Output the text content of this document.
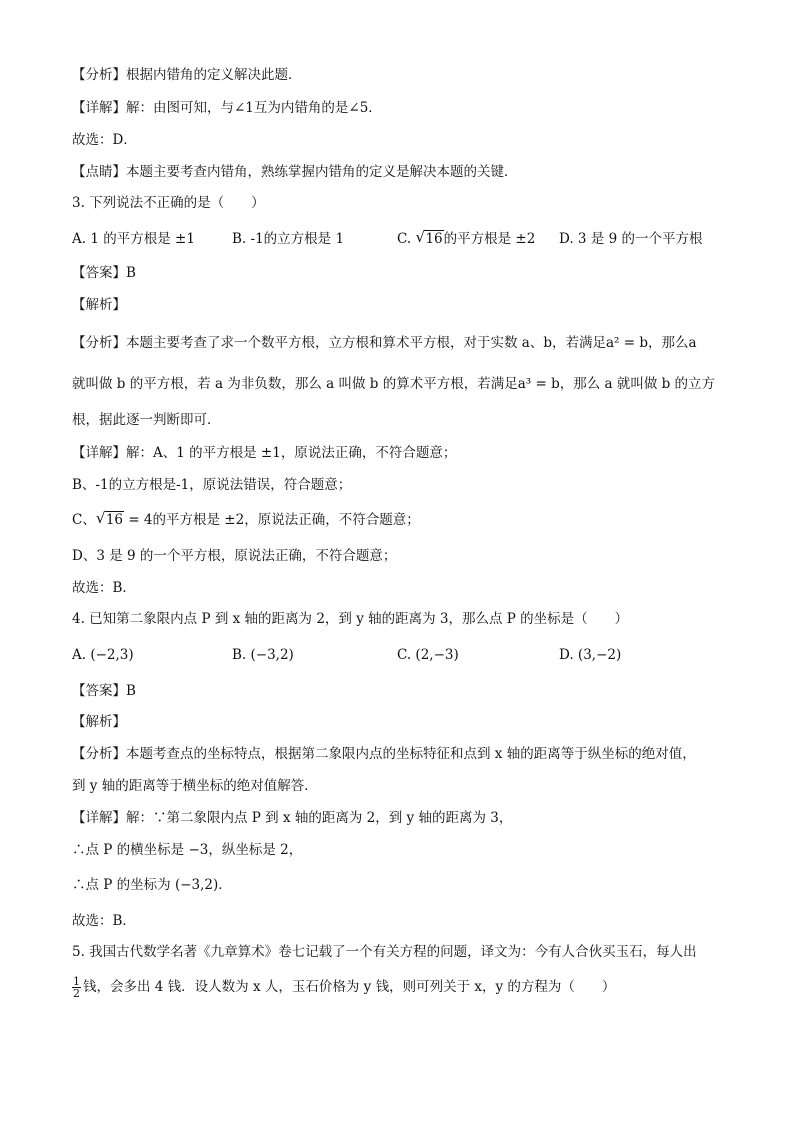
【分析】根据内错角的定义解决此题．
【详解】解：由图可知，与∠1互为内错角的是∠5．
故选：D．
【点睛】本题主要考查内错角，熟练掌握内错角的定义是解决本题的关键．
3. 下列说法不正确的是（　　）
A. 1 的平方根是 ±1	B. -1的立方根是 1	C. √ 16的平方根是 ±2 D. 3 是 9 的一个平方根
【答案】B
【解析】
【分析】本题主要考查了求一个数平方根，立方根和算术平方根，对于实数 a、b，若满足a² = b，那么a
就叫做 b 的平方根，若 a 为非负数，那么 a 叫做 b 的算术平方根，若满足a³ = b，那么 a 就叫做 b 的立方
根，据此逐一判断即可．
【详解】解：A、1 的平方根是 ±1，原说法正确，不符合题意；
B、-1的立方根是-1，原说法错误，符合题意；
C、 √ 16 = 4的平方根是 ±2，原说法正确，不符合题意；
D、3 是 9 的一个平方根，原说法正确，不符合题意；
故选：B．
4. 已知第二象限内点 P 到 x 轴的距离为 2，到 y 轴的距离为 3，那么点 P 的坐标是（　　）
A. (−2,3)	B. (−3,2)	C. (2,−3)	D. (3,−2)
【答案】B
【解析】
【分析】本题考查点的坐标特点，根据第二象限内点的坐标特征和点到 x 轴的距离等于纵坐标的绝对值，
到 y 轴的距离等于横坐标的绝对值解答．
【详解】解：∵第二象限内点 P 到 x 轴的距离为 2，到 y 轴的距离为 3，
∴点 P 的横坐标是 −3，纵坐标是 2，
∴点 P 的坐标为 (−3,2)．
故选：B．
5. 我国古代数学名著《九章算术》卷七记载了一个有关方程的问题，译文为：今有人合伙买玉石，每人出
$\frac{1}{2}$ 钱，会多出 4 钱．设人数为 x 人，玉石价格为 y 钱，则可列关于 x，y 的方程为（　　）
